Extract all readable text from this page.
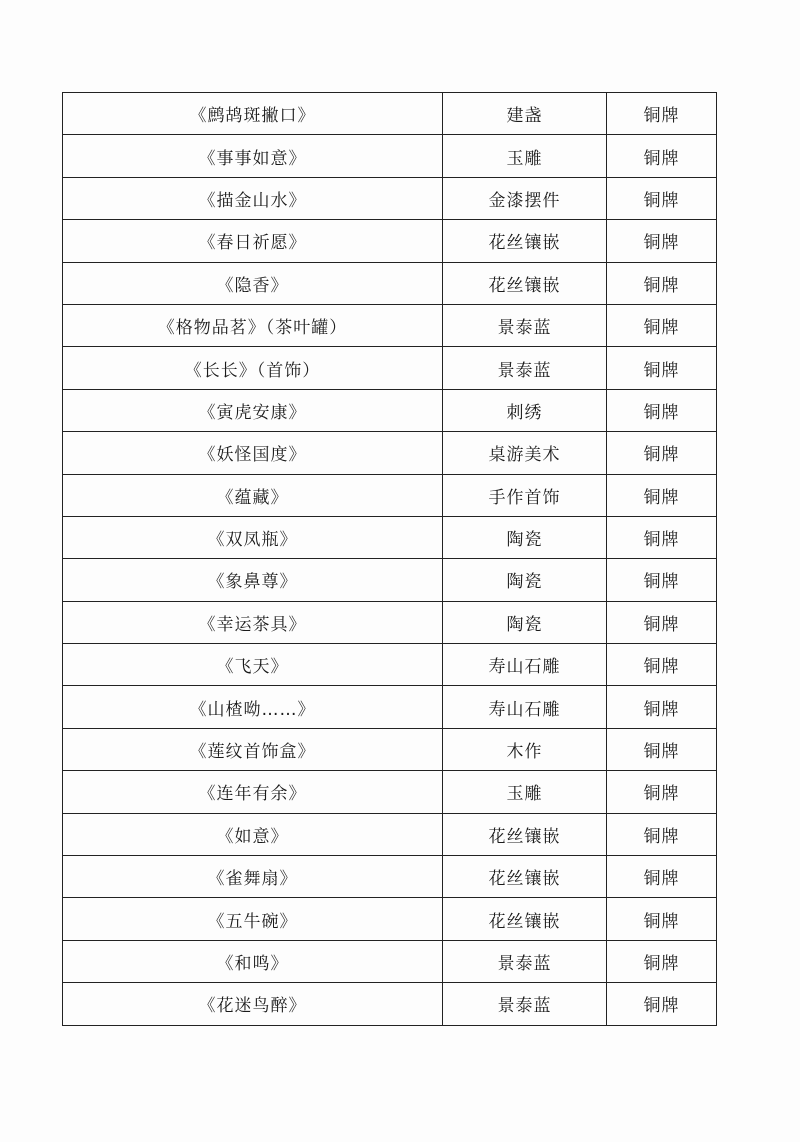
《鹧鸪斑撇口》	建盏	铜牌
《事事如意》	玉雕	铜牌
《描金山水》	金漆摆件	铜牌
《春日祈愿》	花丝镶嵌	铜牌
《隐香》	花丝镶嵌	铜牌
《格物品茗》（茶叶罐）	景泰蓝	铜牌
《长长》（首饰）	景泰蓝	铜牌
《寅虎安康》	刺绣	铜牌
《妖怪国度》	桌游美术	铜牌
《蕴藏》	手作首饰	铜牌
《双凤瓶》	陶瓷	铜牌
《象鼻尊》	陶瓷	铜牌
《幸运茶具》	陶瓷	铜牌
《飞天》	寿山石雕	铜牌
《山楂呦……》	寿山石雕	铜牌
《莲纹首饰盒》	木作	铜牌
《连年有余》	玉雕	铜牌
《如意》	花丝镶嵌	铜牌
《雀舞扇》	花丝镶嵌	铜牌
《五牛碗》	花丝镶嵌	铜牌
《和鸣》	景泰蓝	铜牌
《花迷鸟醉》	景泰蓝	铜牌
